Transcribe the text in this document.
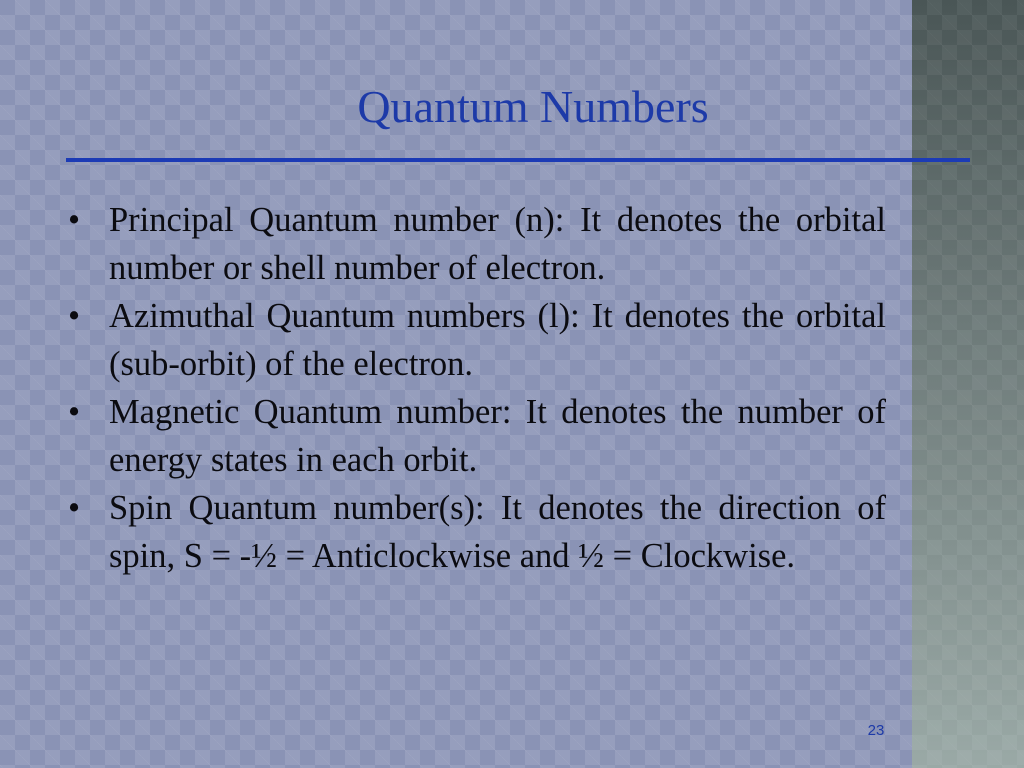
Quantum Numbers
• Principal Quantum number (n): It denotes the orbital number or shell number of electron.
• Azimuthal Quantum numbers (l): It denotes the orbital (sub-orbit) of the electron.
• Magnetic Quantum number: It denotes the number of energy states in each orbit.
• Spin Quantum number(s): It denotes the direction of spin, S = -½ = Anticlockwise and ½ = Clockwise.
23
